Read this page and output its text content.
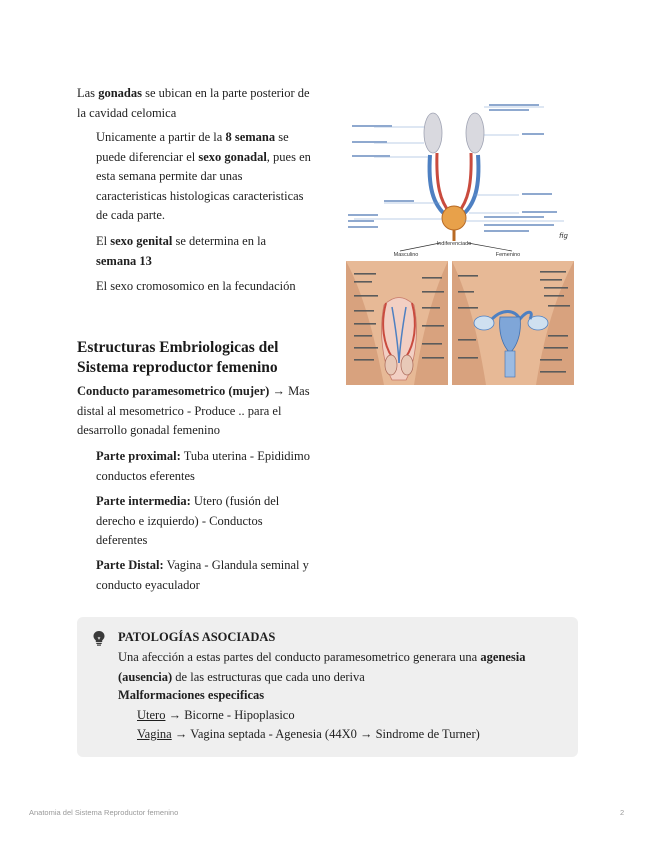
Las gonadas se ubican en la parte posterior de la cavidad celomica
Unicamente a partir de la 8 semana se puede diferenciar el sexo gonadal, pues en esta semana permite dar unas caracteristicas histologicas caracteristicas de cada parte.
El sexo genital se determina en la semana 13
El sexo cromosomico en la fecundación
Estructuras Embriologicas del Sistema reproductor femenino
Conducto paramesometrico (mujer) → Mas distal al mesometrico - Produce .. para el desarrollo gonadal femenino
Parte proximal: Tuba uterina - Epididimo conductos eferentes
Parte intermedia: Utero (fusión del derecho e izquierdo) - Conductos deferentes
Parte Distal: Vagina - Glandula seminal y conducto eyaculador
fig
Indiferenciado
Masculino	Femenino
PATOLOGÍAS ASOCIADAS
Una afección a estas partes del conducto paramesometrico generara una agenesia (ausencia) de las estructuras que cada uno deriva
Malformaciones especificas
Utero → Bicorne - Hipoplasico
Vagina → Vagina septada - Agenesia (44X0 → Sindrome de Turner)
Anatomia del Sistema Reproductor femenino	2
